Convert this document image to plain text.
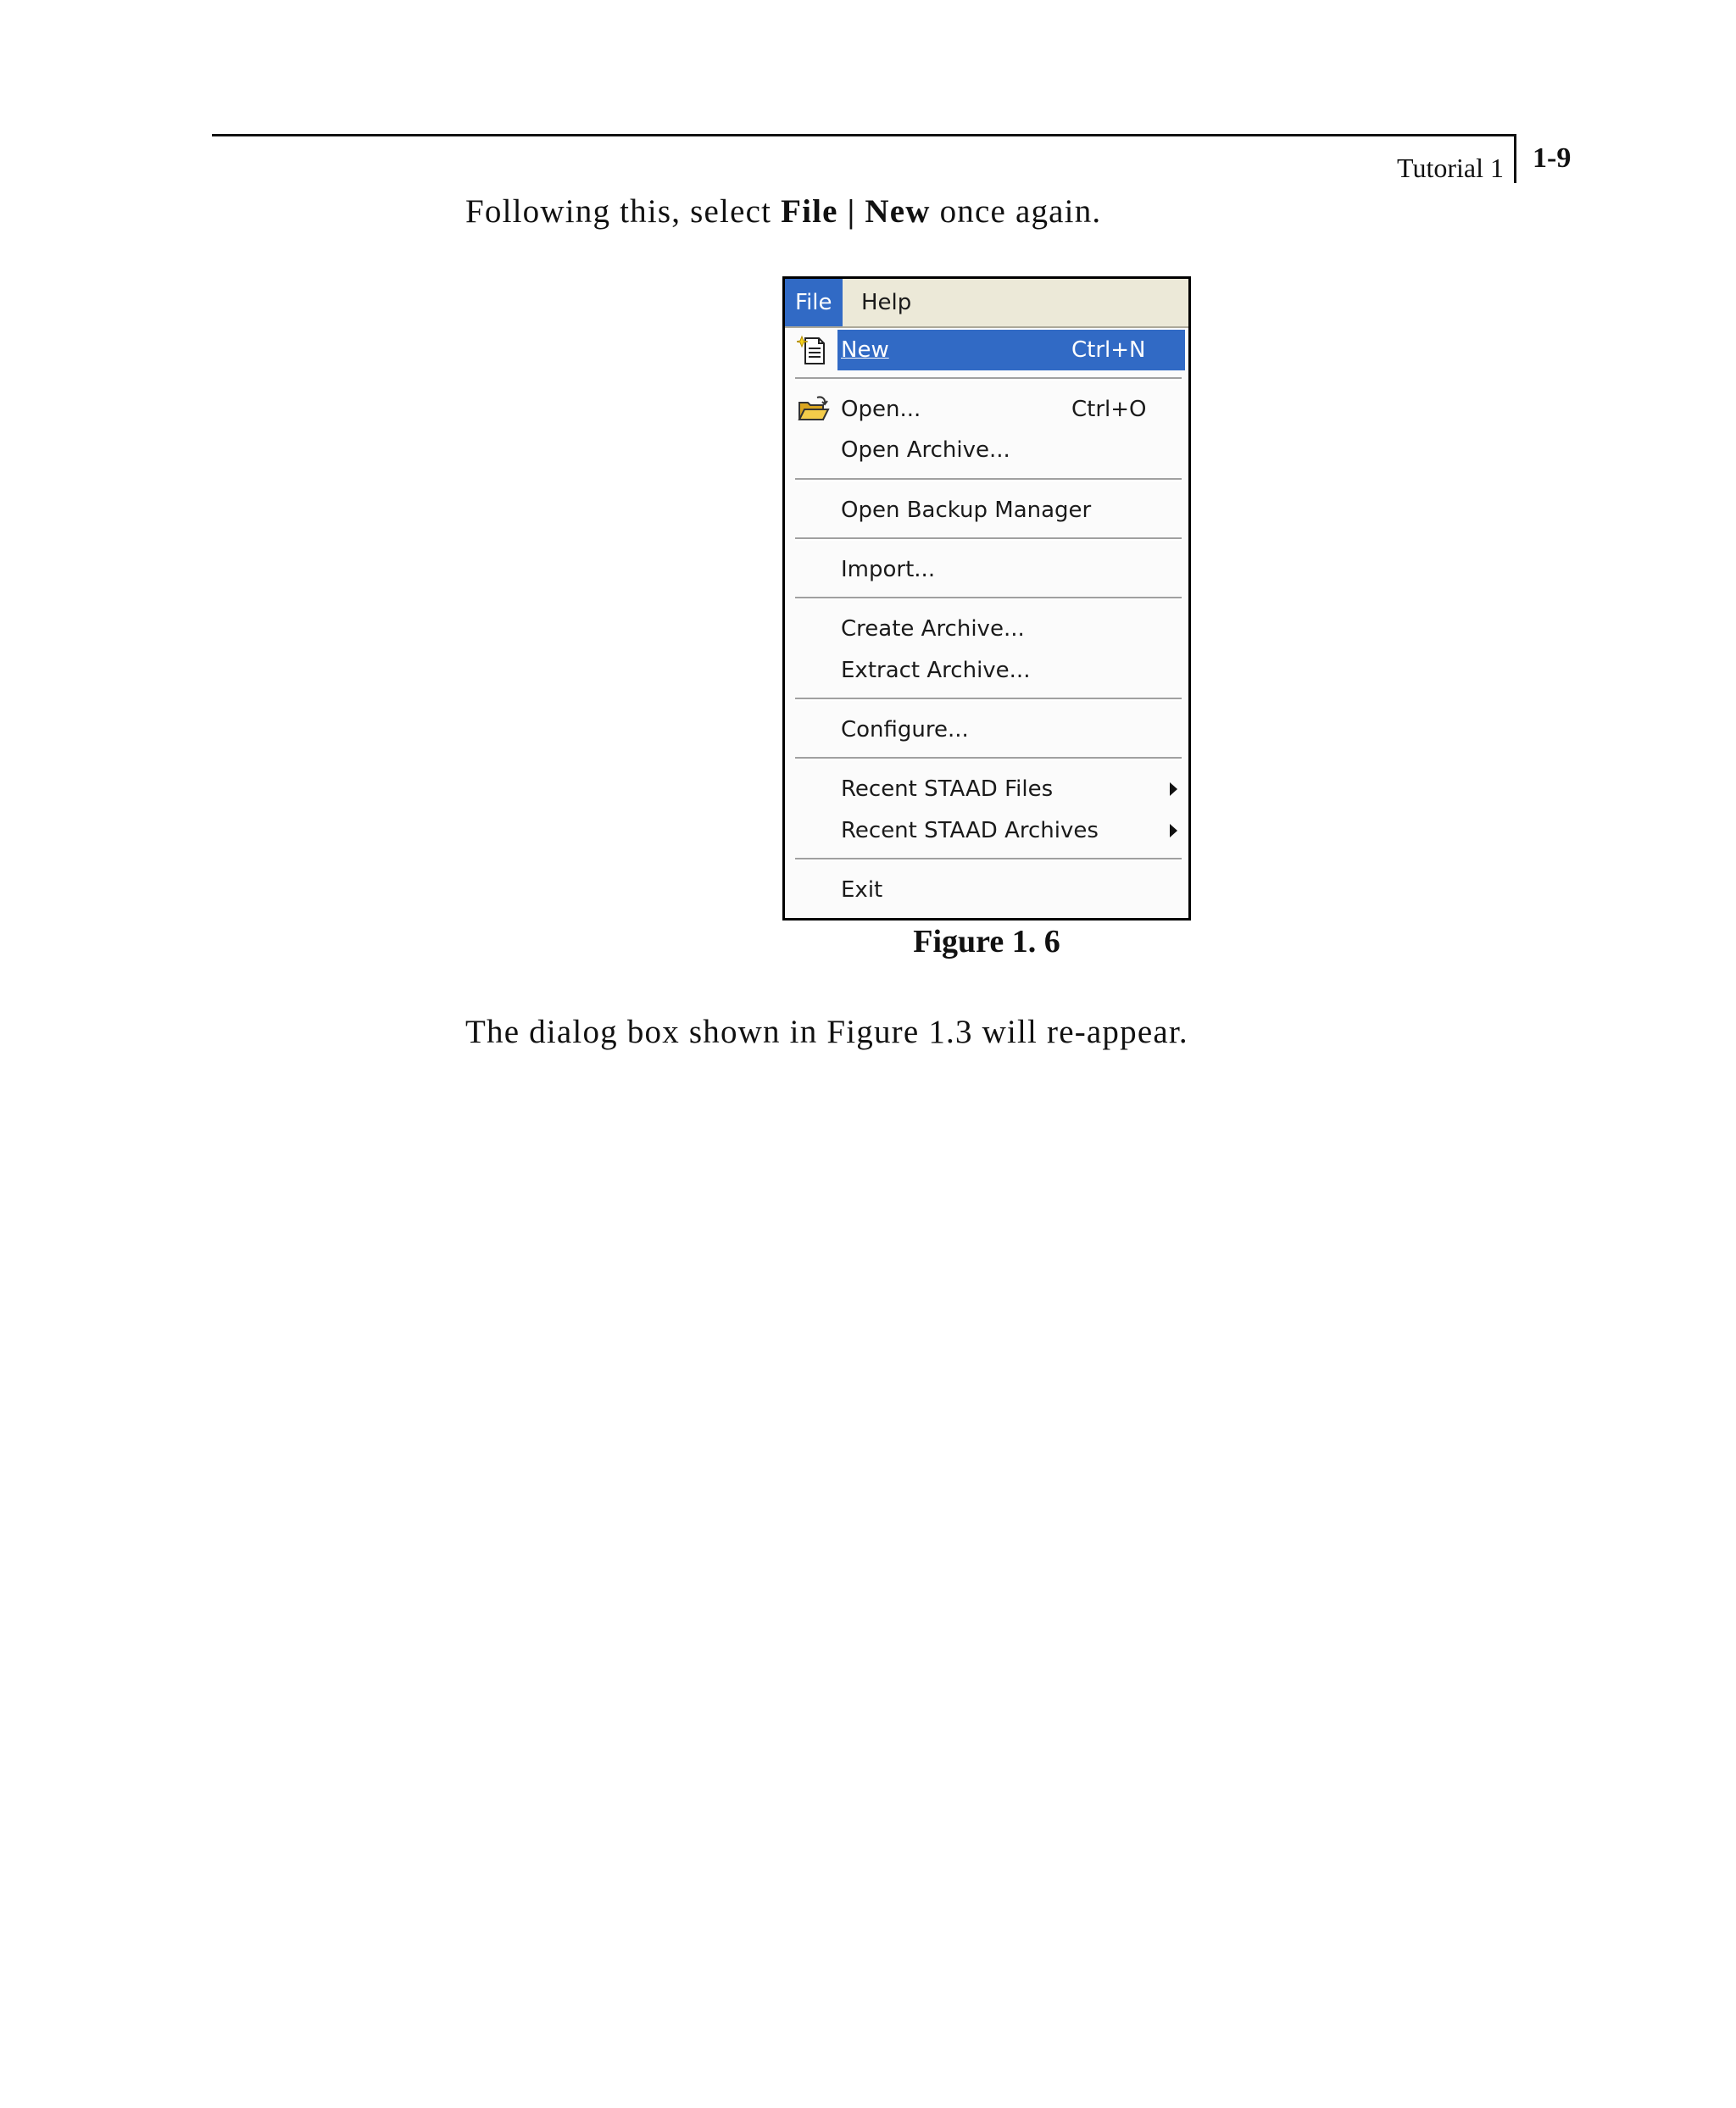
Tutorial 1 1-9
Following this, select File | New once again.
File	Help
New	Ctrl+N
Open...	Ctrl+O
Open Archive...
Open Backup Manager
Import...
Create Archive...
Extract Archive...
Configure...
Recent STAAD Files
Recent STAAD Archives
Exit
Figure 1. 6
The dialog box shown in Figure 1.3 will re-appear.
